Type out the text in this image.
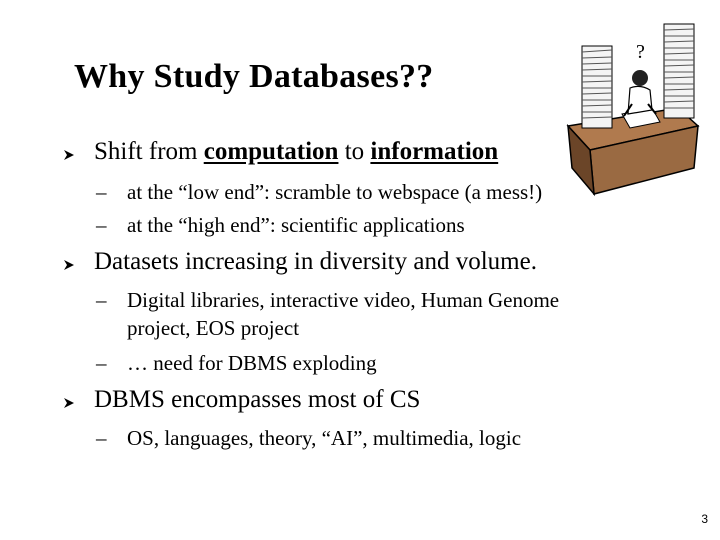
Why Study Databases??
?
Shift from computation to information
– at the “low end”: scramble to webspace (a mess!)
– at the “high end”: scientific applications
Datasets increasing in diversity and volume.
– Digital libraries, interactive video, Human Genome
project, EOS project
– … need for DBMS exploding
DBMS encompasses most of CS
– OS, languages, theory, “AI”, multimedia, logic
3
